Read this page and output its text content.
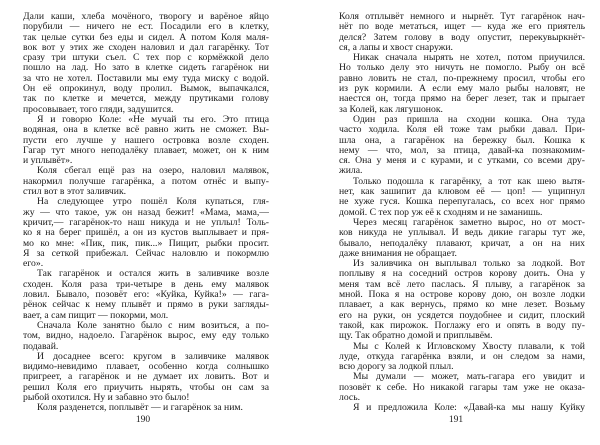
Дали каши, хлеба мочёного, творогу и варёное яйцо
порубили — ничего не ест. Посадили его в клетку,
так целые сутки без еды и сидел. А потом Коля маля-
вок вот у этих же сходен наловил и дал гагарёнку. Тот
сразу три штуки съел. С тех пор с кормёжкой дело
пошло на лад. Но зато в клетке сидеть гагарёнок ни
за что не хотел. Поставили мы ему туда миску с водой.
Он её опрокинул, воду пролил. Вымок, выпачкался,
так по клетке и мечется, между прутиками голову
просовывает, того гляди, задушится.
Я и говорю Коле: «Не мучай ты его. Это птица
водяная, она в клетке всё равно жить не сможет. Вы-
пусти его лучше у нашего островка возле сходен.
Гагар тут много неподалёку плавает, может, он к ним
и уплывёт».
Коля сбегал ещё раз на озеро, наловил малявок,
накормил получше гагарёнка, а потом отнёс и выпу-
стил вот в этот заливчик.
На следующее утро пошёл Коля купаться, гля-
жу — что такое, уж он назад бежит! «Мама, мама,—
кричит,— гагарёнок-то наш никуда и не уплыл! Толь-
ко я на берег пришёл, а он из кустов выплывает и пря-
мо ко мне: «Пик, пик, пик...» Пищит, рыбки просит.
Я за сеткой прибежал. Сейчас наловлю и покормлю
его».
Так гагарёнок и остался жить в заливчике возле
сходен. Коля раза три-четыре в день ему малявок
ловил. Бывало, позовёт его: «Куйка, Куйка!» — гага-
рёнок сейчас к нему плывёт и прямо в руки загляды-
вает, а сам пищит — покорми, мол.
Сначала Коле занятно было с ним возиться, а по-
том, видно, надоело. Гагарёнок вырос, ему еду только
подавай.
И досаднее всего: кругом в заливчике малявок
видимо-невидимо плавает, особенно когда солнышко
пригреет, а гагарёнок и не думает их ловить. Вот и
решил Коля его приучить нырять, чтобы он сам за
рыбой охотился. Ну и забавно это было!
Коля разденется, поплывёт — и гагарёнок за ним.
Коля отплывёт немного и нырнёт. Тут гагарёнок нач-
нёт по воде метаться, ищет — куда же его приятель
делся? Затем голову в воду опустит, перекувыркнёт-
ся, а лапы и хвост снаружи.
Никак сначала нырять не хотел, потом приучился.
Но только делу это ничуть не помогло. Рыбу он всё
равно ловить не стал, по-прежнему просил, чтобы его
из рук кормили. А если ему мало рыбы наловят, не
наестся он, тогда прямо на берег лезет, так и прыгает
за Колей, как лягушонок.
Один раз пришла на сходни кошка. Она туда
часто ходила. Коля ей тоже там рыбки давал. При-
шла она, а гагарёнок на бережку был. Кошка к
нему — что, мол, за птица, давай-ка познакомим-
ся. Она у меня и с курами, и с утками, со всеми дру-
жила.
Только подошла к гагарёнку, а тот как шею вытя-
нет, как зашипит да клювом её — цоп! — ущипнул
не хуже гуся. Кошка перепугалась, со всех ног прямо
домой. С тех пор уж её к сходням и не заманишь.
Через месяц гагарёнок заметно вырос, но от мост-
ков никуда не уплывал. И ведь дикие гагары тут же,
бывало, неподалёку плавают, кричат, а он на них
даже внимания не обращает.
Из заливчика он выплывал только за лодкой. Вот
поплыву я на соседний остров корову доить. Она у
меня там всё лето паслась. Я плыву, а гагарёнок за
мной. Пока я на острове корову дою, он возле лодки
плавает, а как вернусь, прямо ко мне лезет. Возьму
его на руки, он усядется поудобнее и сидит, плоский
такой, как пирожок. Поглажу его и опять в воду пу-
щу. Так обратно домой и приплывём.
Мы с Колей к Игловскому Хвосту плавали, к той
луде, откуда гагарёнка взяли, и он следом за нами,
всю дорогу за лодкой плыл.
Мы думали — может, мать-гагара его увидит и
позовёт к себе. Но никакой гагары там уже не оказа-
лось.
Я и предложила Коле: «Давай-ка мы нашу Куйку
190	191
